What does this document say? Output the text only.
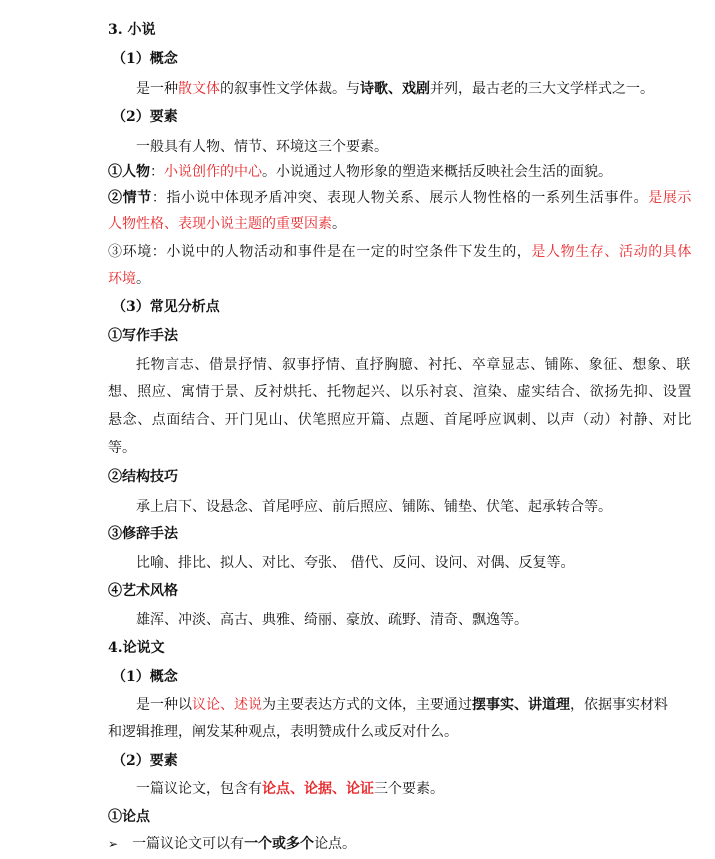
3. 小说
（1）概念
是一种散文体的叙事性文学体裁。与诗歌、戏剧并列，最古老的三大文学样式之一。
（2）要素
一般具有人物、情节、环境这三个要素。
①人物：小说创作的中心。小说通过人物形象的塑造来概括反映社会生活的面貌。
②情节：指小说中体现矛盾冲突、表现人物关系、展示人物性格的一系列生活事件。是展示
人物性格、表现小说主题的重要因素。
③环境：小说中的人物活动和事件是在一定的时空条件下发生的，是人物生存、活动的具体
环境。
（3）常见分析点
①写作手法
托物言志、借景抒情、叙事抒情、直抒胸臆、衬托、卒章显志、铺陈、象征、想象、联
想、照应、寓情于景、反衬烘托、托物起兴、以乐衬哀、渲染、虚实结合、欲扬先抑、设置
悬念、点面结合、开门见山、伏笔照应开篇、点题、首尾呼应讽刺、以声（动）衬静、对比
等。
②结构技巧
承上启下、设悬念、首尾呼应、前后照应、铺陈、铺垫、伏笔、起承转合等。
③修辞手法
比喻、排比、拟人、对比、夸张、 借代、反问、设问、对偶、反复等。
④艺术风格
雄浑、冲淡、高古、典雅、绮丽、豪放、疏野、清奇、飘逸等。
4.论说文
（1）概念
是一种以议论、述说为主要表达方式的文体，主要通过摆事实、讲道理，依据事实材料
和逻辑推理，阐发某种观点，表明赞成什么或反对什么。
（2）要素
一篇议论文，包含有论点、论据、论证三个要素。
①论点
➢ 一篇议论文可以有一个或多个论点。
